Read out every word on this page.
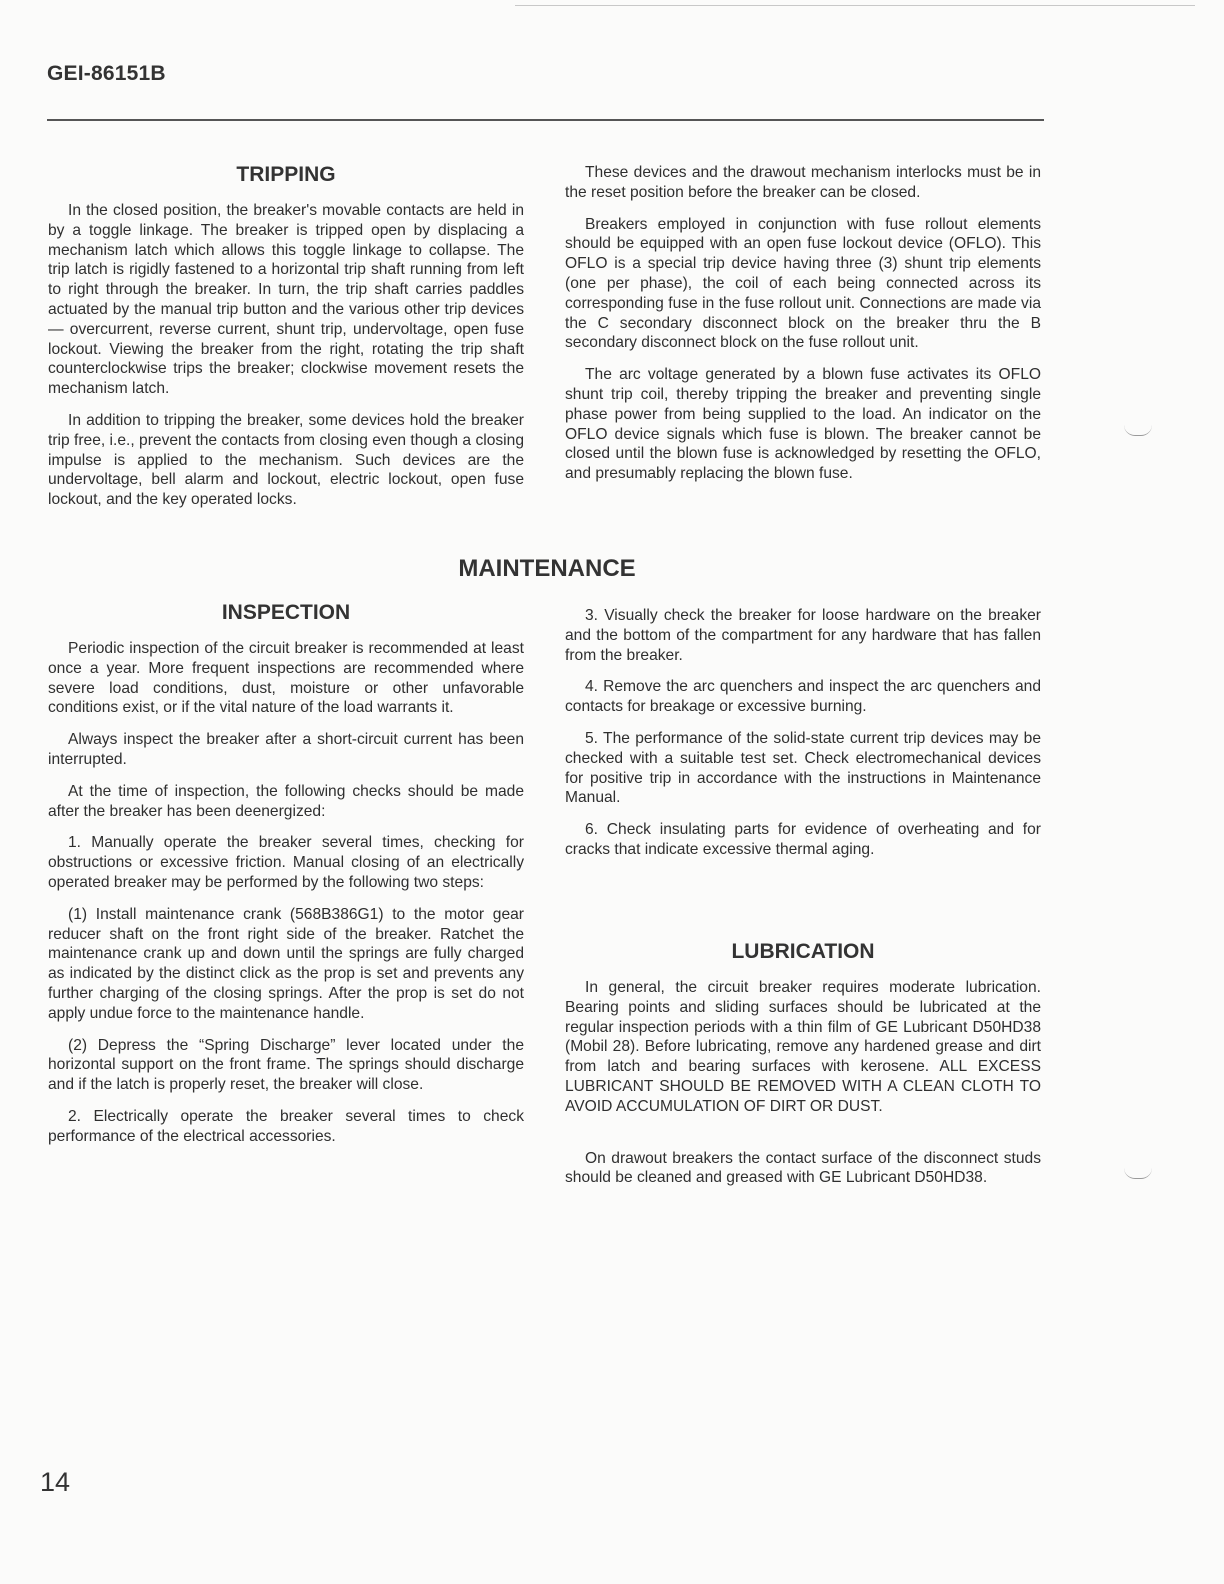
GEI-86151B
TRIPPING

In the closed position, the breaker's movable contacts are held in by a toggle linkage. The breaker is tripped open by displacing a mechanism latch which allows this toggle linkage to collapse. The trip latch is rigidly fastened to a horizontal trip shaft running from left to right through the breaker. In turn, the trip shaft carries paddles actuated by the manual trip button and the various other trip devices — overcurrent, reverse current, shunt trip, undervoltage, open fuse lockout. Viewing the breaker from the right, rotating the trip shaft counterclockwise trips the breaker; clockwise movement resets the mechanism latch.

In addition to tripping the breaker, some devices hold the breaker trip free, i.e., prevent the contacts from closing even though a closing impulse is applied to the mechanism. Such devices are the undervoltage, bell alarm and lockout, electric lockout, open fuse lockout, and the key operated locks.

These devices and the drawout mechanism interlocks must be in the reset position before the breaker can be closed.

Breakers employed in conjunction with fuse rollout elements should be equipped with an open fuse lockout device (OFLO). This OFLO is a special trip device having three (3) shunt trip elements (one per phase), the coil of each being connected across its corresponding fuse in the fuse rollout unit. Connections are made via the C secondary disconnect block on the breaker thru the B secondary disconnect block on the fuse rollout unit.

The arc voltage generated by a blown fuse activates its OFLO shunt trip coil, thereby tripping the breaker and preventing single phase power from being supplied to the load. An indicator on the OFLO device signals which fuse is blown. The breaker cannot be closed until the blown fuse is acknowledged by resetting the OFLO, and presumably replacing the blown fuse.

MAINTENANCE
INSPECTION

Periodic inspection of the circuit breaker is recommended at least once a year. More frequent inspections are recommended where severe load conditions, dust, moisture or other unfavorable conditions exist, or if the vital nature of the load warrants it.

Always inspect the breaker after a short-circuit current has been interrupted.

At the time of inspection, the following checks should be made after the breaker has been deenergized:

1. Manually operate the breaker several times, checking for obstructions or excessive friction. Manual closing of an electrically operated breaker may be performed by the following two steps:

(1) Install maintenance crank (568B386G1) to the motor gear reducer shaft on the front right side of the breaker. Ratchet the maintenance crank up and down until the springs are fully charged as indicated by the distinct click as the prop is set and prevents any further charging of the closing springs. After the prop is set do not apply undue force to the maintenance handle.

(2) Depress the “Spring Discharge” lever located under the horizontal support on the front frame. The springs should discharge and if the latch is properly reset, the breaker will close.

2. Electrically operate the breaker several times to check performance of the electrical accessories.

3. Visually check the breaker for loose hardware on the breaker and the bottom of the compartment for any hardware that has fallen from the breaker.

4. Remove the arc quenchers and inspect the arc quenchers and contacts for breakage or excessive burning.

5. The performance of the solid-state current trip devices may be checked with a suitable test set. Check electromechanical devices for positive trip in accordance with the instructions in Maintenance Manual.

6. Check insulating parts for evidence of overheating and for cracks that indicate excessive thermal aging.

LUBRICATION

In general, the circuit breaker requires moderate lubrication. Bearing points and sliding surfaces should be lubricated at the regular inspection periods with a thin film of GE Lubricant D50HD38 (Mobil 28). Before lubricating, remove any hardened grease and dirt from latch and bearing surfaces with kerosene. ALL EXCESS LUBRICANT SHOULD BE REMOVED WITH A CLEAN CLOTH TO AVOID ACCUMULATION OF DIRT OR DUST.

On drawout breakers the contact surface of the disconnect studs should be cleaned and greased with GE Lubricant D50HD38.

14
